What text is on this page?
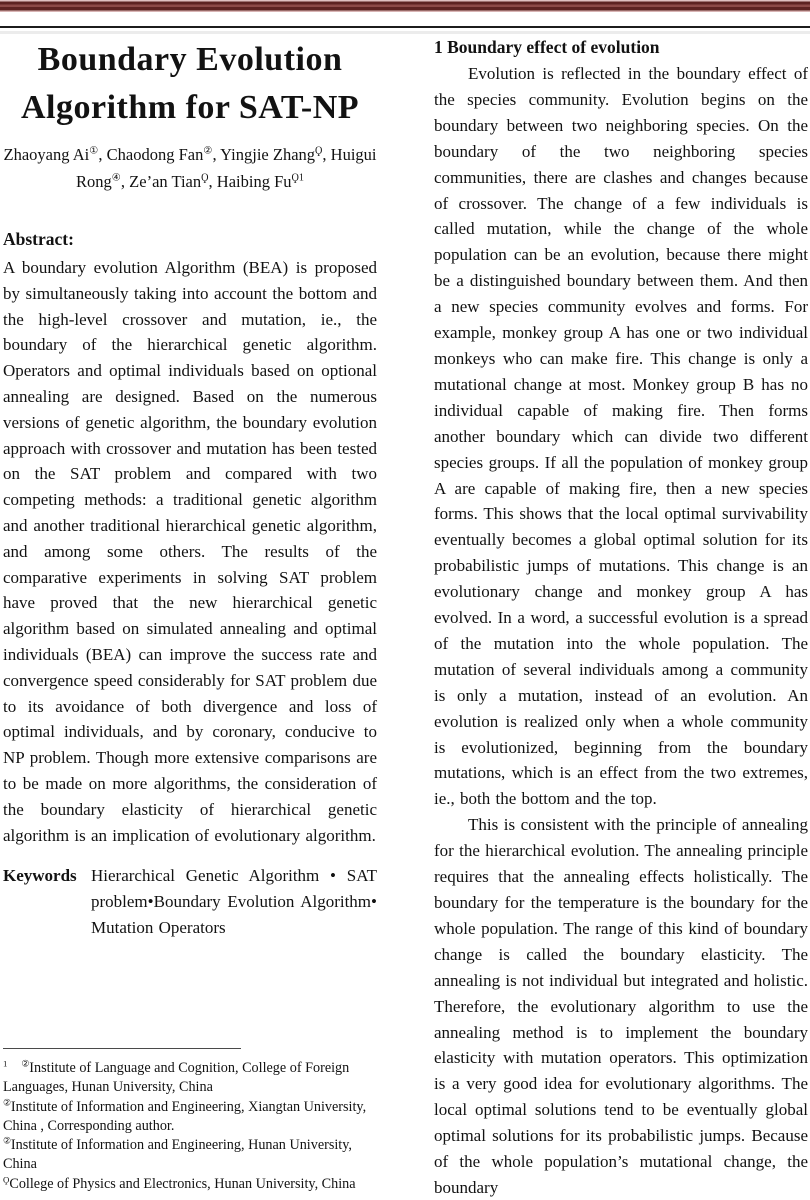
Boundary Evolution
Algorithm for SAT-NP
Zhaoyang Ai①, Chaodong Fan②, Yingjie Zhang$^Ϙ$, Huigui Rong④, Ze’an Tian$^Ϙ$, Haibing $Fu^{Ϙ1}$
Abstract:
A boundary evolution Algorithm (BEA) is proposed by simultaneously taking into account the bottom and the high-level crossover and mutation, ie., the boundary of the hierarchical genetic algorithm. Operators and optimal individuals based on optional annealing are designed. Based on the numerous versions of genetic algorithm, the boundary evolution approach with crossover and mutation has been tested on the SAT problem and compared with two competing methods: a traditional genetic algorithm and another traditional hierarchical genetic algorithm, and among some others. The results of the comparative experiments in solving SAT problem have proved that the new hierarchical genetic algorithm based on simulated annealing and optimal individuals (BEA) can improve the success rate and convergence speed considerably for SAT problem due to its avoidance of both divergence and loss of optimal individuals, and by coronary, conducive to NP problem. Though more extensive comparisons are to be made on more algorithms, the consideration of the boundary elasticity of hierarchical genetic algorithm is an implication of evolutionary algorithm.
Keywords Hierarchical Genetic Algorithm • SAT problem•Boundary Evolution Algorithm• Mutation Operators
$^1$ ②Institute of Language and Cognition, College of Foreign Languages, Hunan University, China
②Institute of Information and Engineering, Xiangtan University, China , Corresponding author.
②Institute of Information and Engineering, Hunan University, China
$^Ϙ$College of Physics and Electronics, Hunan University, China
1 Boundary effect of evolution

Evolution is reflected in the boundary effect of the species community. Evolution begins on the boundary between two neighboring species. On the boundary of the two neighboring species communities, there are clashes and changes because of crossover. The change of a few individuals is called mutation, while the change of the whole population can be an evolution, because there might be a distinguished boundary between them. And then a new species community evolves and forms. For example, monkey group A has one or two individual monkeys who can make fire. This change is only a mutational change at most. Monkey group B has no individual capable of making fire. Then forms another boundary which can divide two different species groups. If all the population of monkey group A are capable of making fire, then a new species forms. This shows that the local optimal survivability eventually becomes a global optimal solution for its probabilistic jumps of mutations. This change is an evolutionary change and monkey group A has evolved. In a word, a successful evolution is a spread of the mutation into the whole population. The mutation of several individuals among a community is only a mutation, instead of an evolution. An evolution is realized only when a whole community is evolutionized, beginning from the boundary mutations, which is an effect from the two extremes, ie., both the bottom and the top.

This is consistent with the principle of annealing for the hierarchical evolution. The annealing principle requires that the annealing effects holistically. The boundary for the temperature is the boundary for the whole population. The range of this kind of boundary change is called the boundary elasticity. The annealing is not individual but integrated and holistic. Therefore, the evolutionary algorithm to use the annealing method is to implement the boundary elasticity with mutation operators. This optimization is a very good idea for evolutionary algorithms. The local optimal solutions tend to be eventually global optimal solutions for its probabilistic jumps. Because of the whole population’s mutational change, the boundary
